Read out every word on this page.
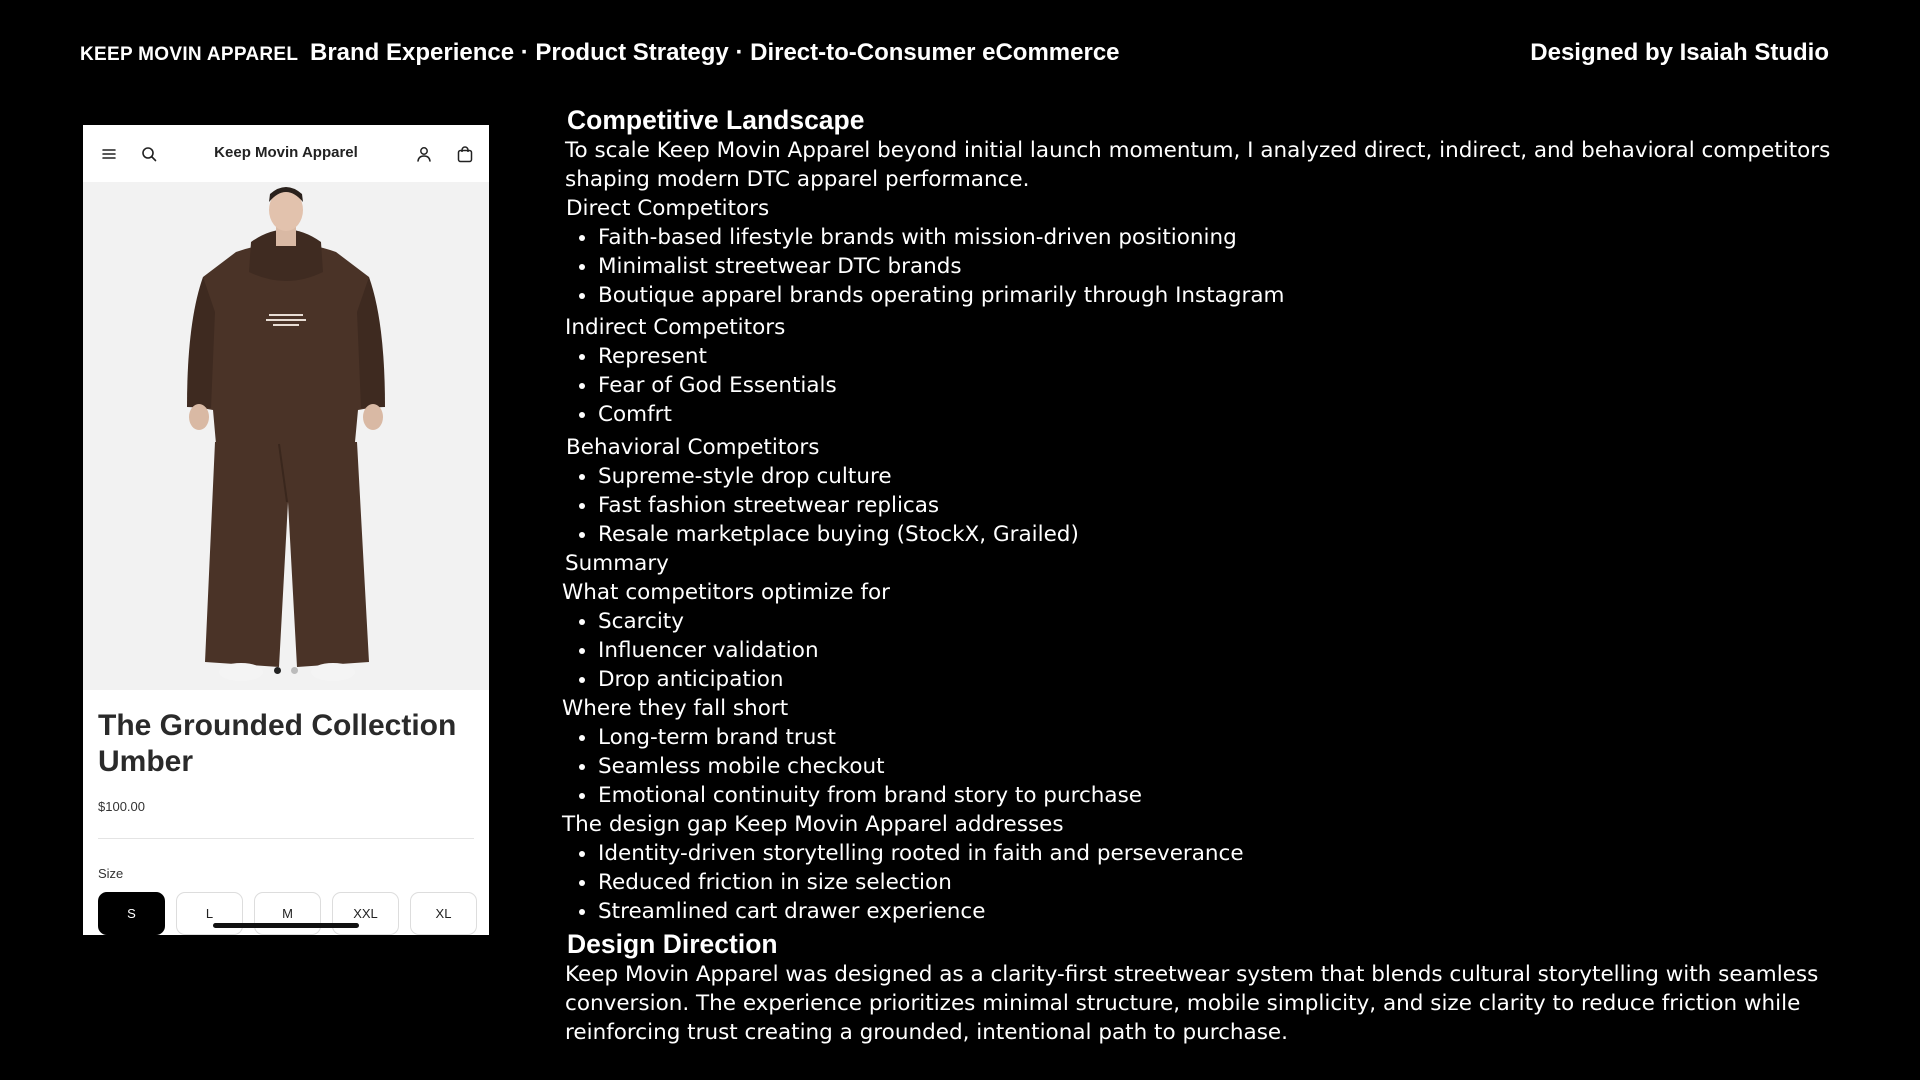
KEEP MOVIN APPAREL Brand Experience · Product Strategy · Direct-to-Consumer eCommerce	Designed by Isaiah Studio
Keep Movin Apparel
The Grounded Collection Umber
$100.00
Size
S	L	M	XXL	XL
Competitive Landscape
To scale Keep Movin Apparel beyond initial launch momentum, I analyzed direct, indirect, and behavioral competitors shaping modern DTC apparel performance.
Direct Competitors
• Faith-based lifestyle brands with mission-driven positioning
• Minimalist streetwear DTC brands
• Boutique apparel brands operating primarily through Instagram
Indirect Competitors
• Represent
• Fear of God Essentials
• Comfrt
Behavioral Competitors
• Supreme-style drop culture
• Fast fashion streetwear replicas
• Resale marketplace buying (StockX, Grailed)
Summary
What competitors optimize for
• Scarcity
• Influencer validation
• Drop anticipation
Where they fall short
• Long-term brand trust
• Seamless mobile checkout
• Emotional continuity from brand story to purchase
The design gap Keep Movin Apparel addresses
• Identity-driven storytelling rooted in faith and perseverance
• Reduced friction in size selection
• Streamlined cart drawer experience
Design Direction
Keep Movin Apparel was designed as a clarity-first streetwear system that blends cultural storytelling with seamless conversion. The experience prioritizes minimal structure, mobile simplicity, and size clarity to reduce friction while reinforcing trust creating a grounded, intentional path to purchase.
